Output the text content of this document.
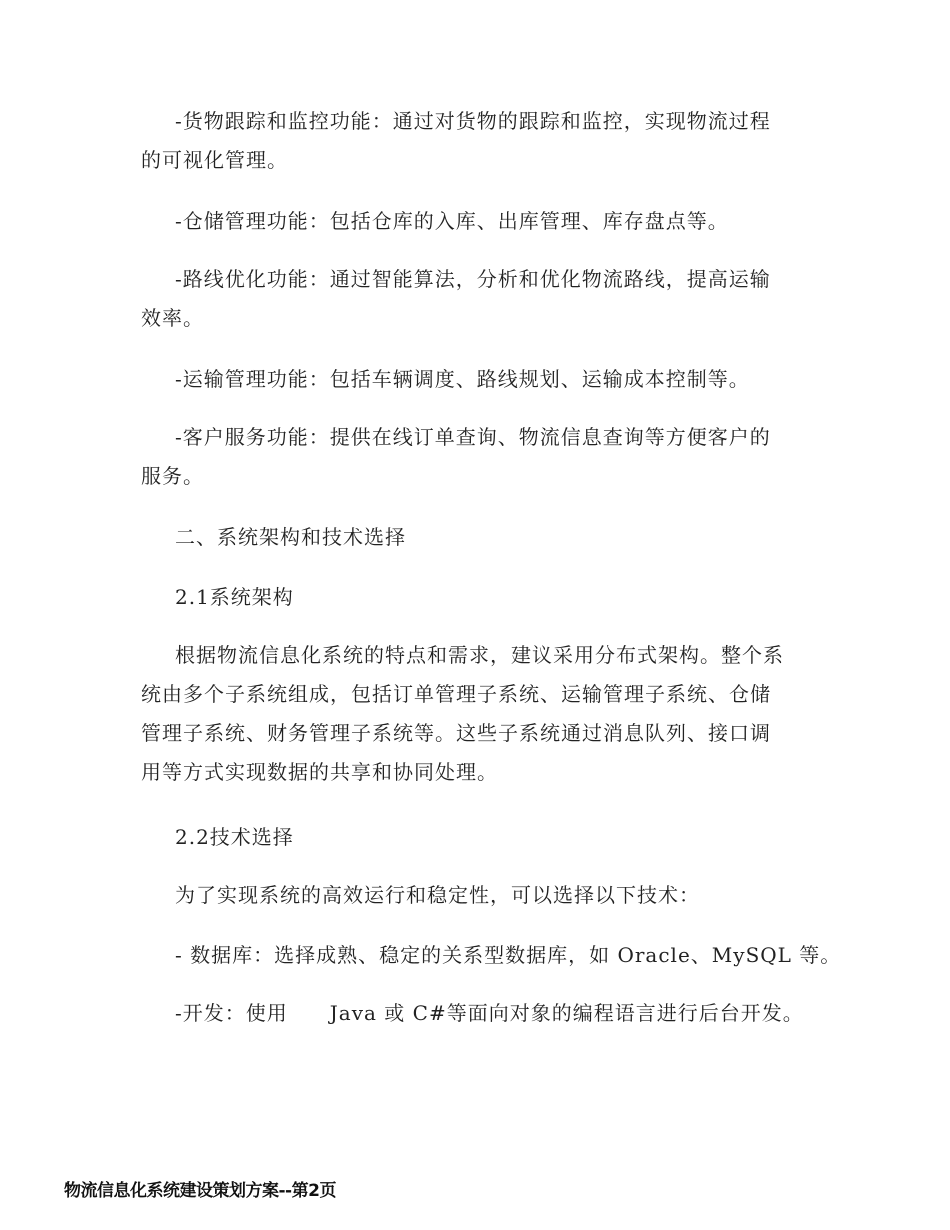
-货物跟踪和监控功能：通过对货物的跟踪和监控，实现物流过程
的可视化管理。
-仓储管理功能：包括仓库的入库、出库管理、库存盘点等。
-路线优化功能：通过智能算法，分析和优化物流路线，提高运输
效率。
-运输管理功能：包括车辆调度、路线规划、运输成本控制等。
-客户服务功能：提供在线订单查询、物流信息查询等方便客户的
服务。
二、系统架构和技术选择
2.1系统架构
根据物流信息化系统的特点和需求，建议采用分布式架构。整个系
统由多个子系统组成，包括订单管理子系统、运输管理子系统、仓储
管理子系统、财务管理子系统等。这些子系统通过消息队列、接口调
用等方式实现数据的共享和协同处理。
2.2技术选择
为了实现系统的高效运行和稳定性，可以选择以下技术：
- 数据库：选择成熟、稳定的关系型数据库，如 Oracle、MySQL 等。
-开发：使用　　Java 或 C#等面向对象的编程语言进行后台开发。
物流信息化系统建设策划方案--第2页
